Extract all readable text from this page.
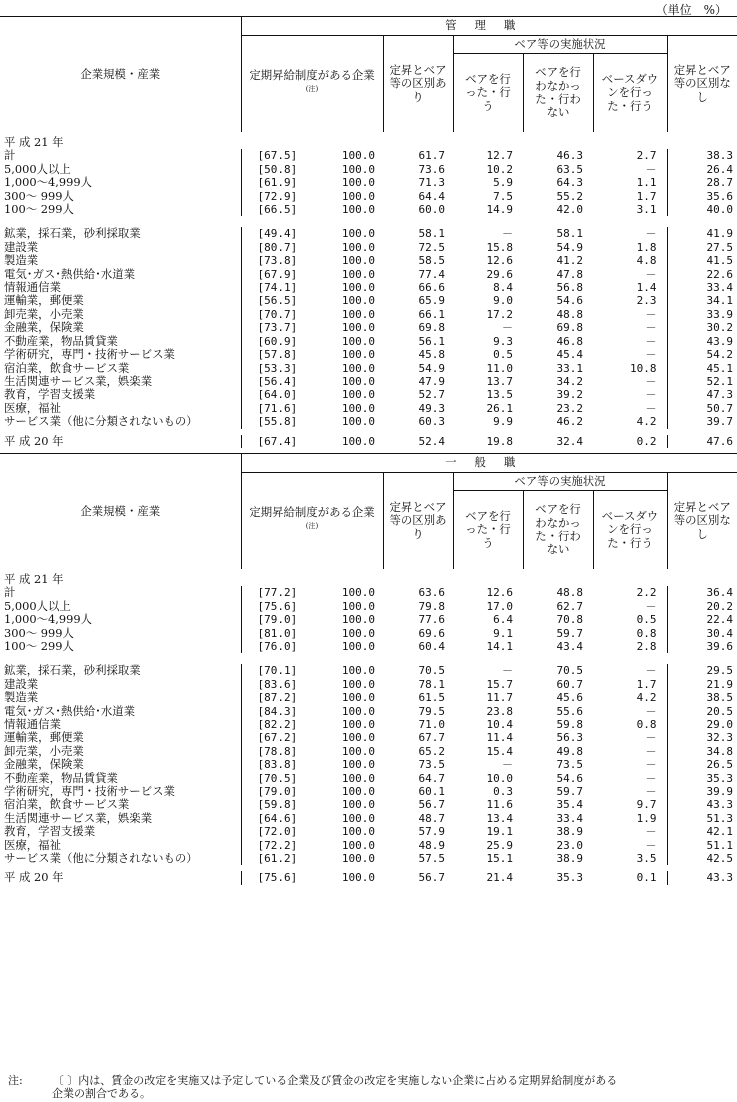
（単位　%）
企業規模・産業	管理職						
	定期昇給制度がある企業$^{(注)}$		定昇とベア等の区別あり	ベア等の実施状況			定昇とベア等の区別なし
				ベアを行った・行う	ベアを行わなかった・行わない	ベースダウンを行った・行う	

平 成 21 年							
計	[67.5]	100.0	61.7	12.7	46.3	2.7	38.3
5,000人以上	[50.8]	100.0	73.6	10.2	63.5	－	26.4
1,000～4,999人	[61.9]	100.0	71.3	5.9	64.3	1.1	28.7
300～ 999人	[72.9]	100.0	64.4	7.5	55.2	1.7	35.6
100～ 299人	[66.5]	100.0	60.0	14.9	42.0	3.1	40.0

鉱業，採石業，砂利採取業	[49.4]	100.0	58.1	－	58.1	－	41.9
建設業	[80.7]	100.0	72.5	15.8	54.9	1.8	27.5
製造業	[73.8]	100.0	58.5	12.6	41.2	4.8	41.5
電気･ガス･熱供給･水道業	[67.9]	100.0	77.4	29.6	47.8	－	22.6
情報通信業	[74.1]	100.0	66.6	8.4	56.8	1.4	33.4
運輸業，郵便業	[56.5]	100.0	65.9	9.0	54.6	2.3	34.1
卸売業，小売業	[70.7]	100.0	66.1	17.2	48.8	－	33.9
金融業，保険業	[73.7]	100.0	69.8	－	69.8	－	30.2
不動産業，物品賃貸業	[60.9]	100.0	56.1	9.3	46.8	－	43.9
学術研究，専門・技術サービス業	[57.8]	100.0	45.8	0.5	45.4	－	54.2
宿泊業，飲食サービス業	[53.3]	100.0	54.9	11.0	33.1	10.8	45.1
生活関連サービス業，娯楽業	[56.4]	100.0	47.9	13.7	34.2	－	52.1
教育，学習支援業	[64.0]	100.0	52.7	13.5	39.2	－	47.3
医療，福祉	[71.6]	100.0	49.3	26.1	23.2	－	50.7
サービス業（他に分類されないもの）	[55.8]	100.0	60.3	9.9	46.2	4.2	39.7

平 成 20 年	[67.4]	100.0	52.4	19.8	32.4	0.2	47.6

企業規模・産業	一般職						
	定期昇給制度がある企業$^{(注)}$		定昇とベア等の区別あり	ベア等の実施状況			定昇とベア等の区別なし
				ベアを行った・行う	ベアを行わなかった・行わない	ベースダウンを行った・行う	

平 成 21 年							
計	[77.2]	100.0	63.6	12.6	48.8	2.2	36.4
5,000人以上	[75.6]	100.0	79.8	17.0	62.7	－	20.2
1,000～4,999人	[79.0]	100.0	77.6	6.4	70.8	0.5	22.4
300～ 999人	[81.0]	100.0	69.6	9.1	59.7	0.8	30.4
100～ 299人	[76.0]	100.0	60.4	14.1	43.4	2.8	39.6

鉱業，採石業，砂利採取業	[70.1]	100.0	70.5	－	70.5	－	29.5
建設業	[83.6]	100.0	78.1	15.7	60.7	1.7	21.9
製造業	[87.2]	100.0	61.5	11.7	45.6	4.2	38.5
電気･ガス･熱供給･水道業	[84.3]	100.0	79.5	23.8	55.6	－	20.5
情報通信業	[82.2]	100.0	71.0	10.4	59.8	0.8	29.0
運輸業，郵便業	[67.2]	100.0	67.7	11.4	56.3	－	32.3
卸売業，小売業	[78.8]	100.0	65.2	15.4	49.8	－	34.8
金融業，保険業	[83.8]	100.0	73.5	－	73.5	－	26.5
不動産業，物品賃貸業	[70.5]	100.0	64.7	10.0	54.6	－	35.3
学術研究，専門・技術サービス業	[79.0]	100.0	60.1	0.3	59.7	－	39.9
宿泊業，飲食サービス業	[59.8]	100.0	56.7	11.6	35.4	9.7	43.3
生活関連サービス業，娯楽業	[64.6]	100.0	48.7	13.4	33.4	1.9	51.3
教育，学習支援業	[72.0]	100.0	57.9	19.1	38.9	－	42.1
医療，福祉	[72.2]	100.0	48.9	25.9	23.0	－	51.1
サービス業（他に分類されないもの）	[61.2]	100.0	57.5	15.1	38.9	3.5	42.5

平 成 20 年	[75.6]	100.0	56.7	21.4	35.3	0.1	43.3

注:	〔 〕内は、賃金の改定を実施又は予定している企業及び賃金の改定を実施しない企業に占める定期昇給制度がある
企業の割合である。
